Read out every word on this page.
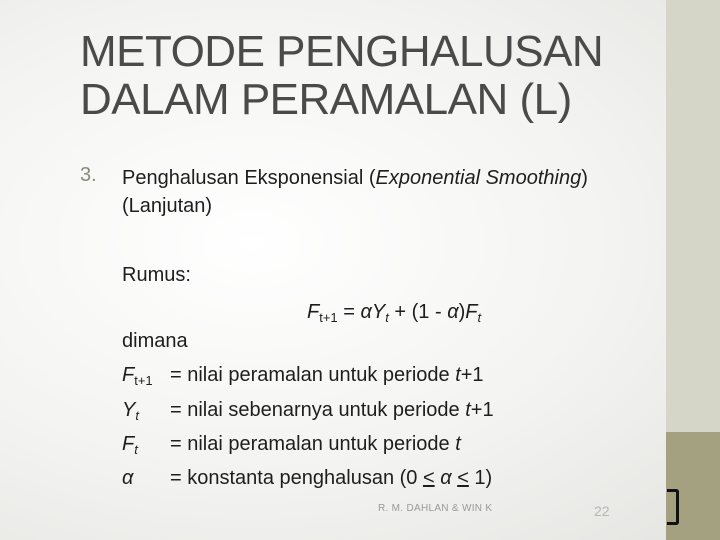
METODE PENGHALUSAN
DALAM PERAMALAN (L)
3. Penghalusan Eksponensial (Exponential Smoothing)
(Lanjutan)
Rumus:
$F_{t+1} = \alpha Y_t + (1 - \alpha)F_t$
dimana
$F_{t+1}$ = nilai peramalan untuk periode t+1
$Y_t$ = nilai sebenarnya untuk periode t+1
$F_t$ = nilai peramalan untuk periode t
α = konstanta penghalusan (0 ≤ α ≤ 1)
R. M. DAHLAN & WIN K	22
